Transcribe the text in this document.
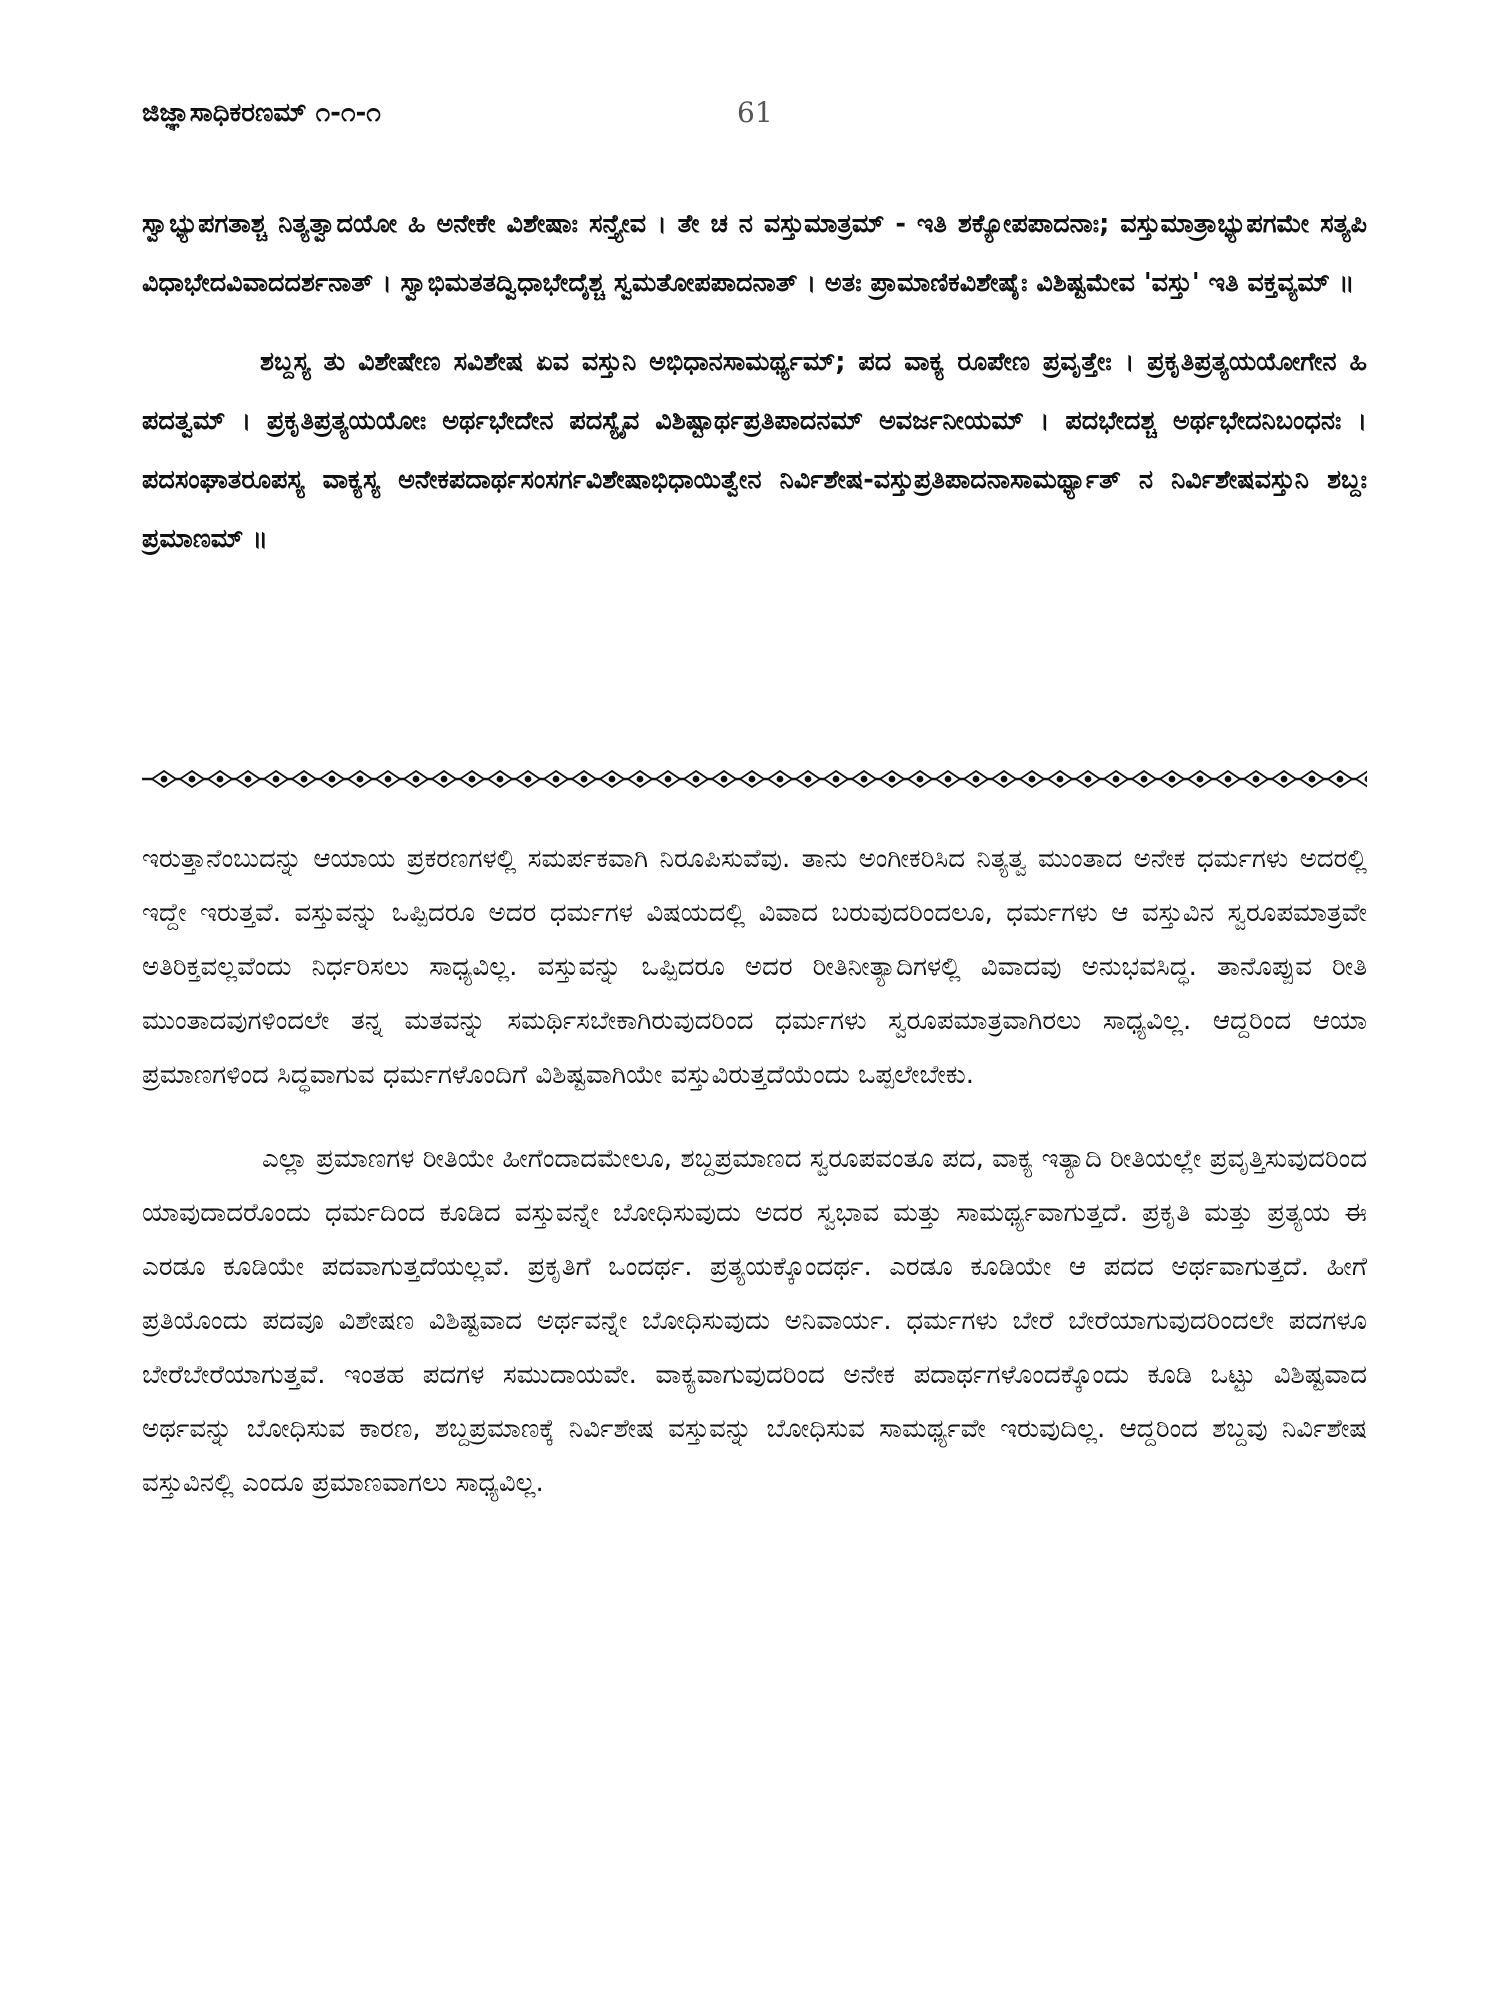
ಜಿಜ್ಞಾಸಾಧಿಕರಣಮ್ ೧-೧-೧	61

ಸ್ವಾಭ್ಯುಪಗತಾಶ್ಚ ನಿತ್ಯತ್ವಾದಯೋ ಹಿ ಅನೇಕೇ ವಿಶೇಷಾಃ ಸನ್ತ್ಯೇವ । ತೇ ಚ ನ ವಸ್ತುಮಾತ್ರಮ್ - ಇತಿ ಶಕ್ಯೋಪಪಾದನಾಃ; ವಸ್ತುಮಾತ್ರಾಭ್ಯುಪಗಮೇ ಸತ್ಯಪಿ ವಿಧಾಭೇದವಿವಾದದರ್ಶನಾತ್ । ಸ್ವಾಭಿಮತತದ್ವಿಧಾಭೇದೈಶ್ಚ ಸ್ವಮತೋಪಪಾದನಾತ್ । ಅತಃ ಪ್ರಾಮಾಣಿಕವಿಶೇಷೈಃ ವಿಶಿಷ್ಟಮೇವ 'ವಸ್ತು' ಇತಿ ವಕ್ತವ್ಯಮ್ ॥

ಶಬ್ದಸ್ಯ ತು ವಿಶೇಷೇಣ ಸವಿಶೇಷ ಏವ ವಸ್ತುನಿ ಅಭಿಧಾನಸಾಮರ್ಥ್ಯಮ್; ಪದ ವಾಕ್ಯ ರೂಪೇಣ ಪ್ರವೃತ್ತೇಃ । ಪ್ರಕೃತಿಪ್ರತ್ಯಯಯೋಗೇನ ಹಿ ಪದತ್ವಮ್ । ಪ್ರಕೃತಿಪ್ರತ್ಯಯಯೋಃ ಅರ್ಥಭೇದೇನ ಪದಸ್ಯೈವ ವಿಶಿಷ್ಟಾರ್ಥಪ್ರತಿಪಾದನಮ್ ಅವರ್ಜನೀಯಮ್ । ಪದಭೇದಶ್ಚ ಅರ್ಥಭೇದನಿಬಂಧನಃ । ಪದಸಂಘಾತರೂಪಸ್ಯ ವಾಕ್ಯಸ್ಯ ಅನೇಕಪದಾರ್ಥಸಂಸರ್ಗವಿಶೇಷಾಭಿಧಾಯಿತ್ವೇನ ನಿರ್ವಿಶೇಷ-ವಸ್ತುಪ್ರತಿಪಾದನಾಸಾಮರ್ಥ್ಯಾತ್ ನ ನಿರ್ವಿಶೇಷವಸ್ತುನಿ ಶಬ್ದಃ ಪ್ರಮಾಣಮ್ ॥

ಇರುತ್ತಾನೆಂಬುದನ್ನು ಆಯಾಯ ಪ್ರಕರಣಗಳಲ್ಲಿ ಸಮರ್ಪಕವಾಗಿ ನಿರೂಪಿಸುವೆವು. ತಾನು ಅಂಗೀಕರಿಸಿದ ನಿತ್ಯತ್ವ ಮುಂತಾದ ಅನೇಕ ಧರ್ಮಗಳು ಅದರಲ್ಲಿ ಇದ್ದೇ ಇರುತ್ತವೆ. ವಸ್ತುವನ್ನು ಒಪ್ಪಿದರೂ ಅದರ ಧರ್ಮಗಳ ವಿಷಯದಲ್ಲಿ ವಿವಾದ ಬರುವುದರಿಂದಲೂ, ಧರ್ಮಗಳು ಆ ವಸ್ತುವಿನ ಸ್ವರೂಪಮಾತ್ರವೇ ಅತಿರಿಕ್ತವಲ್ಲವೆಂದು ನಿರ್ಧರಿಸಲು ಸಾಧ್ಯವಿಲ್ಲ. ವಸ್ತುವನ್ನು ಒಪ್ಪಿದರೂ ಅದರ ರೀತಿನೀತ್ಯಾದಿಗಳಲ್ಲಿ ವಿವಾದವು ಅನುಭವಸಿದ್ಧ. ತಾನೊಪ್ಪುವ ರೀತಿ ಮುಂತಾದವುಗಳಿಂದಲೇ ತನ್ನ ಮತವನ್ನು ಸಮರ್ಥಿಸಬೇಕಾಗಿರುವುದರಿಂದ ಧರ್ಮಗಳು ಸ್ವರೂಪಮಾತ್ರವಾಗಿರಲು ಸಾಧ್ಯವಿಲ್ಲ. ಆದ್ದರಿಂದ ಆಯಾ ಪ್ರಮಾಣಗಳಿಂದ ಸಿದ್ಧವಾಗುವ ಧರ್ಮಗಳೊಂದಿಗೆ ವಿಶಿಷ್ಟವಾಗಿಯೇ ವಸ್ತುವಿರುತ್ತದೆಯೆಂದು ಒಪ್ಪಲೇಬೇಕು.

ಎಲ್ಲಾ ಪ್ರಮಾಣಗಳ ರೀತಿಯೇ ಹೀಗೆಂದಾದಮೇಲೂ, ಶಬ್ದಪ್ರಮಾಣದ ಸ್ವರೂಪವಂತೂ ಪದ, ವಾಕ್ಯ ಇತ್ಯಾದಿ ರೀತಿಯಲ್ಲೇ ಪ್ರವೃತ್ತಿಸುವುದರಿಂದ ಯಾವುದಾದರೊಂದು ಧರ್ಮದಿಂದ ಕೂಡಿದ ವಸ್ತುವನ್ನೇ ಬೋಧಿಸುವುದು ಅದರ ಸ್ವಭಾವ ಮತ್ತು ಸಾಮರ್ಥ್ಯವಾಗುತ್ತದೆ. ಪ್ರಕೃತಿ ಮತ್ತು ಪ್ರತ್ಯಯ ಈ ಎರಡೂ ಕೂಡಿಯೇ ಪದವಾಗುತ್ತದೆಯಲ್ಲವೆ. ಪ್ರಕೃತಿಗೆ ಒಂದರ್ಥ. ಪ್ರತ್ಯಯಕ್ಕೊಂದರ್ಥ. ಎರಡೂ ಕೂಡಿಯೇ ಆ ಪದದ ಅರ್ಥವಾಗುತ್ತದೆ. ಹೀಗೆ ಪ್ರತಿಯೊಂದು ಪದವೂ ವಿಶೇಷಣ ವಿಶಿಷ್ಟವಾದ ಅರ್ಥವನ್ನೇ ಬೋಧಿಸುವುದು ಅನಿವಾರ್ಯ. ಧರ್ಮಗಳು ಬೇರೆ ಬೇರೆಯಾಗುವುದರಿಂದಲೇ ಪದಗಳೂ ಬೇರೆಬೇರೆಯಾಗುತ್ತವೆ. ಇಂತಹ ಪದಗಳ ಸಮುದಾಯವೇ. ವಾಕ್ಯವಾಗುವುದರಿಂದ ಅನೇಕ ಪದಾರ್ಥಗಳೊಂದಕ್ಕೊಂದು ಕೂಡಿ ಒಟ್ಟು ವಿಶಿಷ್ಟವಾದ ಅರ್ಥವನ್ನು ಬೋಧಿಸುವ ಕಾರಣ, ಶಬ್ದಪ್ರಮಾಣಕ್ಕೆ ನಿರ್ವಿಶೇಷ ವಸ್ತುವನ್ನು ಬೋಧಿಸುವ ಸಾಮರ್ಥ್ಯವೇ ಇರುವುದಿಲ್ಲ. ಆದ್ದರಿಂದ ಶಬ್ದವು ನಿರ್ವಿಶೇಷ ವಸ್ತುವಿನಲ್ಲಿ ಎಂದೂ ಪ್ರಮಾಣವಾಗಲು ಸಾಧ್ಯವಿಲ್ಲ.
